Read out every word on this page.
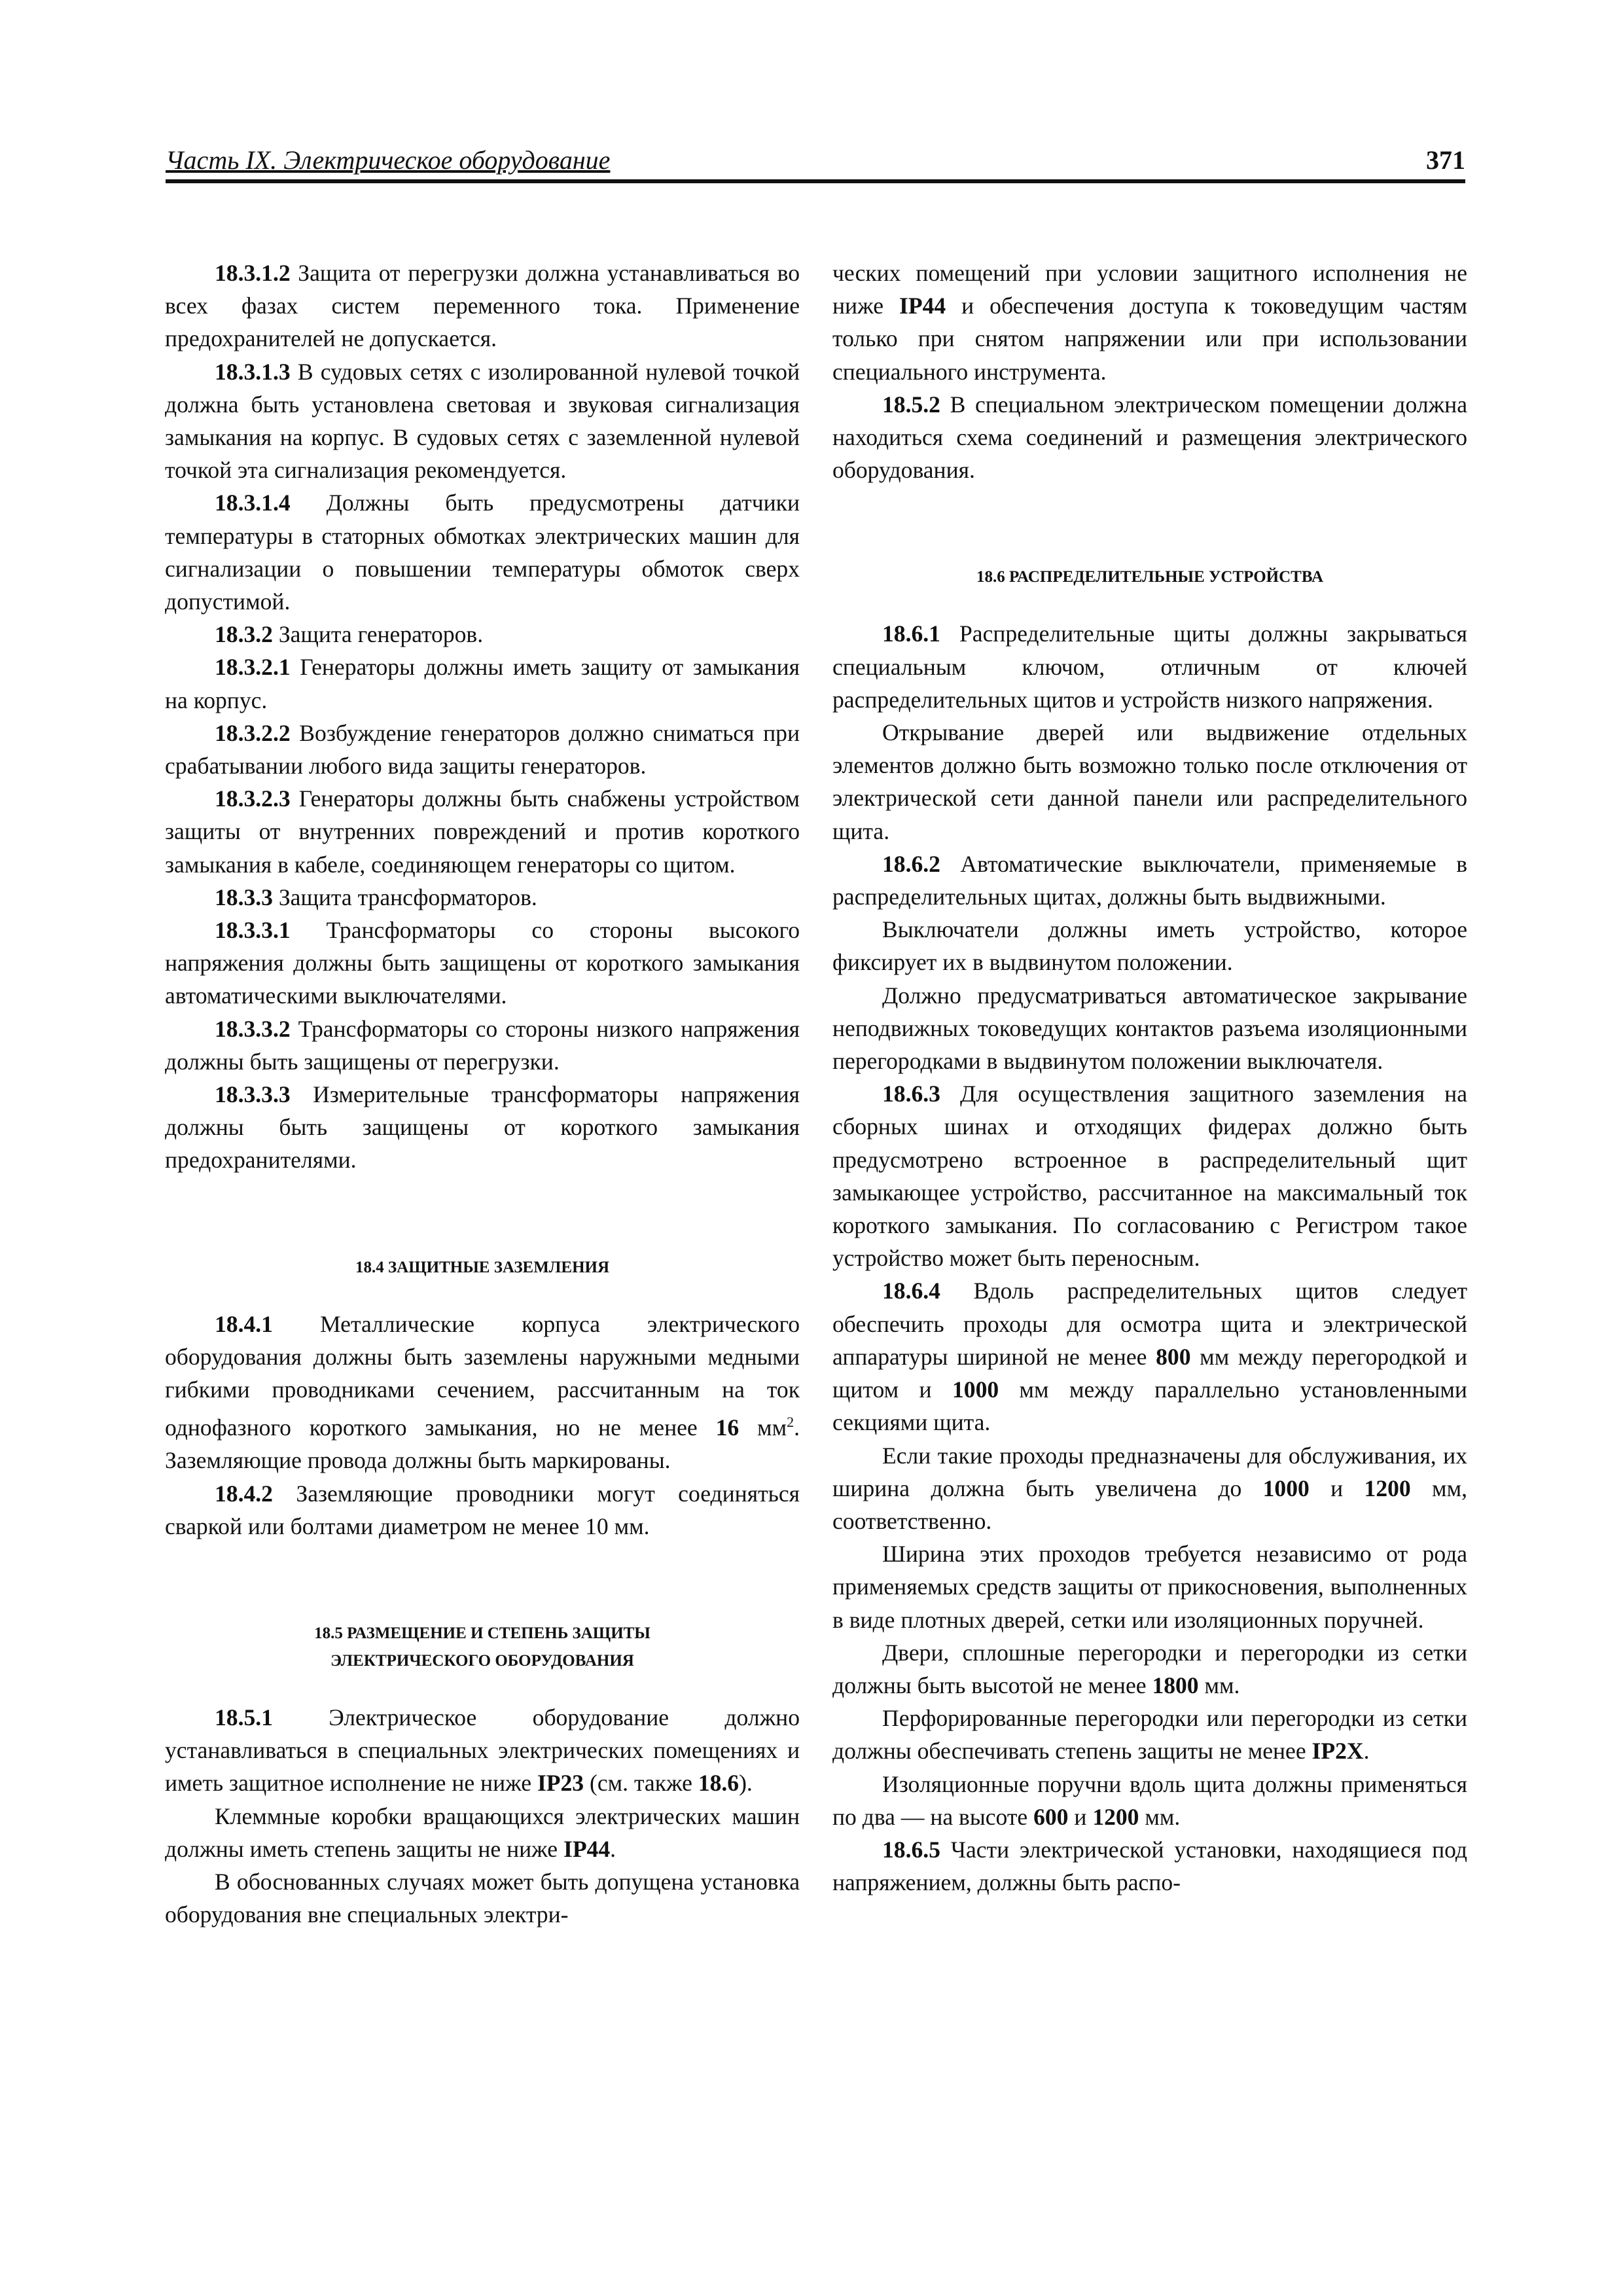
Часть IX. Электрическое оборудование	371

18.3.1.2 Защита от перегрузки должна устанавливаться во всех фазах систем переменного тока. Применение предохранителей не допускается.

18.3.1.3 В судовых сетях с изолированной нулевой точкой должна быть установлена световая и звуковая сигнализация замыкания на корпус. В судовых сетях с заземленной нулевой точкой эта сигнализация рекомендуется.

18.3.1.4 Должны быть предусмотрены датчики температуры в статорных обмотках электрических машин для сигнализации о повышении температуры обмоток сверх допустимой.

18.3.2 Защита генераторов.

18.3.2.1 Генераторы должны иметь защиту от замыкания на корпус.

18.3.2.2 Возбуждение генераторов должно сниматься при срабатывании любого вида защиты генераторов.

18.3.2.3 Генераторы должны быть снабжены устройством защиты от внутренних повреждений и против короткого замыкания в кабеле, соединяющем генераторы со щитом.

18.3.3 Защита трансформаторов.

18.3.3.1 Трансформаторы со стороны высокого напряжения должны быть защищены от короткого замыкания автоматическими выключателями.

18.3.3.2 Трансформаторы со стороны низкого напряжения должны быть защищены от перегрузки.

18.3.3.3 Измерительные трансформаторы напряжения должны быть защищены от короткого замыкания предохранителями.

18.4 ЗАЩИТНЫЕ ЗАЗЕМЛЕНИЯ

18.4.1 Металлические корпуса электрического оборудования должны быть заземлены наружными медными гибкими проводниками сечением, рассчитанным на ток однофазного короткого замыкания, но не менее 16 $мм^2$. Заземляющие провода должны быть маркированы.

18.4.2 Заземляющие проводники могут соединяться сваркой или болтами диаметром не менее 10 мм.

18.5 РАЗМЕЩЕНИЕ И СТЕПЕНЬ ЗАЩИТЫ

ЭЛЕКТРИЧЕСКОГО ОБОРУДОВАНИЯ

18.5.1 Электрическое оборудование должно устанавливаться в специальных электрических помещениях и иметь защитное исполнение не ниже IP23 (см. также 18.6).

Клеммные коробки вращающихся электрических машин должны иметь степень защиты не ниже IP44.

В обоснованных случаях может быть допущена установка оборудования вне специальных электри-

ческих помещений при условии защитного исполнения не ниже IP44 и обеспечения доступа к токоведущим частям только при снятом напряжении или при использовании специального инструмента.

18.5.2 В специальном электрическом помещении должна находиться схема соединений и размещения электрического оборудования.

18.6 РАСПРЕДЕЛИТЕЛЬНЫЕ УСТРОЙСТВА

18.6.1 Распределительные щиты должны закрываться специальным ключом, отличным от ключей распределительных щитов и устройств низкого напряжения.

Открывание дверей или выдвижение отдельных элементов должно быть возможно только после отключения от электрической сети данной панели или распределительного щита.

18.6.2 Автоматические выключатели, применяемые в распределительных щитах, должны быть выдвижными.

Выключатели должны иметь устройство, которое фиксирует их в выдвинутом положении.

Должно предусматриваться автоматическое закрывание неподвижных токоведущих контактов разъема изоляционными перегородками в выдвинутом положении выключателя.

18.6.3 Для осуществления защитного заземления на сборных шинах и отходящих фидерах должно быть предусмотрено встроенное в распределительный щит замыкающее устройство, рассчитанное на максимальный ток короткого замыкания. По согласованию с Регистром такое устройство может быть переносным.

18.6.4 Вдоль распределительных щитов следует обеспечить проходы для осмотра щита и электрической аппаратуры шириной не менее 800 мм между перегородкой и щитом и 1000 мм между параллельно установленными секциями щита.

Если такие проходы предназначены для обслуживания, их ширина должна быть увеличена до 1000 и 1200 мм, соответственно.

Ширина этих проходов требуется независимо от рода применяемых средств защиты от прикосновения, выполненных в виде плотных дверей, сетки или изоляционных поручней.

Двери, сплошные перегородки и перегородки из сетки должны быть высотой не менее 1800 мм.

Перфорированные перегородки или перегородки из сетки должны обеспечивать степень защиты не менее IP2X.

Изоляционные поручни вдоль щита должны применяться по два — на высоте 600 и 1200 мм.

18.6.5 Части электрической установки, находящиеся под напряжением, должны быть распо-
